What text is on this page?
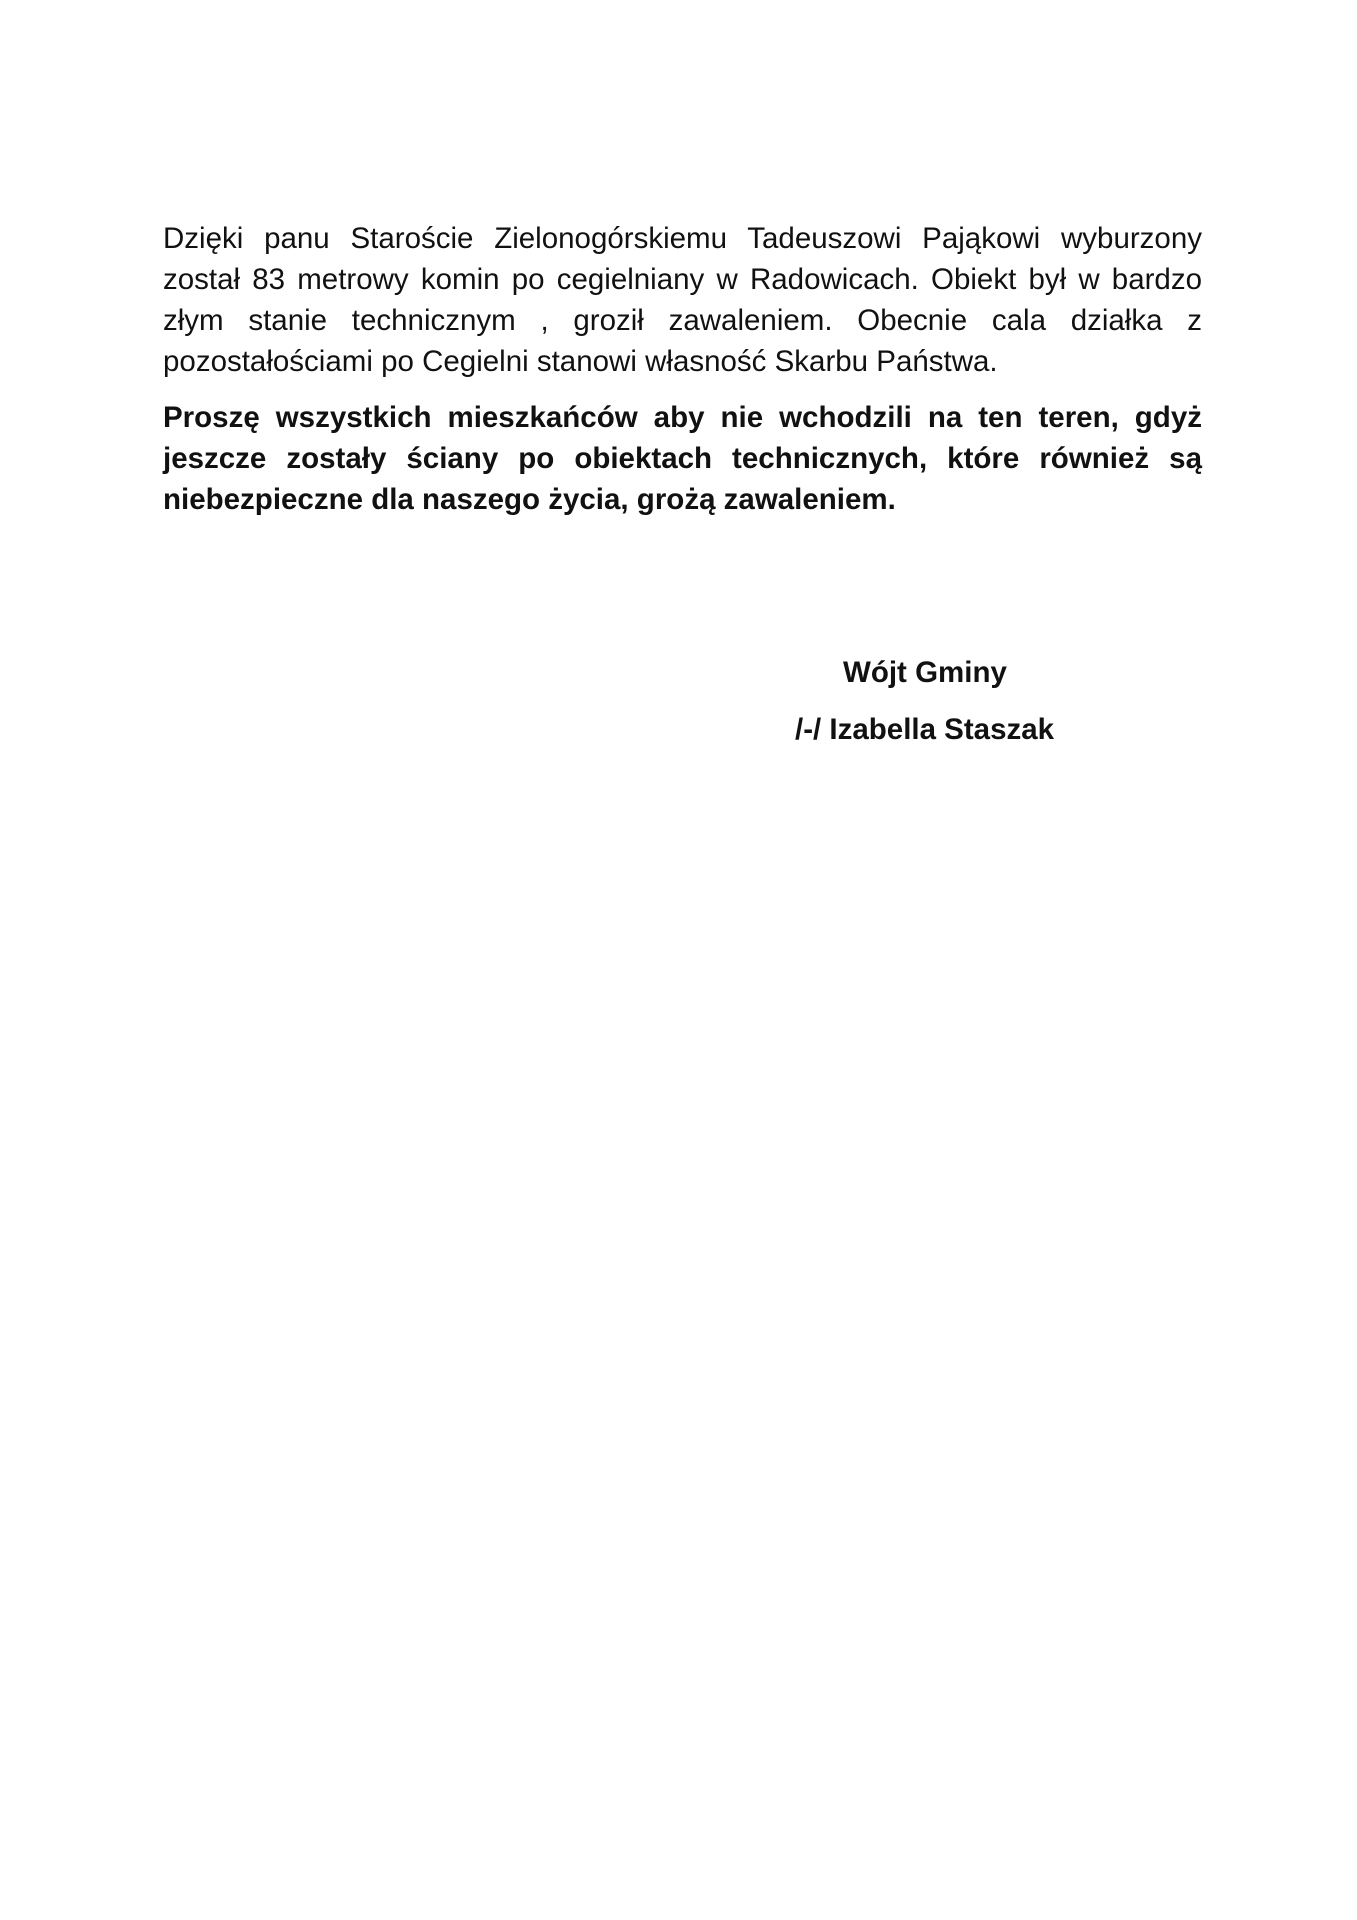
Dzięki panu Staroście Zielonogórskiemu Tadeuszowi Pająkowi wyburzony został 83 metrowy komin po cegielniany w Radowicach. Obiekt był w bardzo złym stanie technicznym , groził zawaleniem. Obecnie cala działka z pozostałościami po Cegielni stanowi własność Skarbu Państwa.

Proszę wszystkich mieszkańców aby nie wchodzili na ten teren, gdyż jeszcze zostały ściany po obiektach technicznych, które również są niebezpieczne dla naszego życia, grożą zawaleniem.

Wójt Gminy

/-/ Izabella Staszak
